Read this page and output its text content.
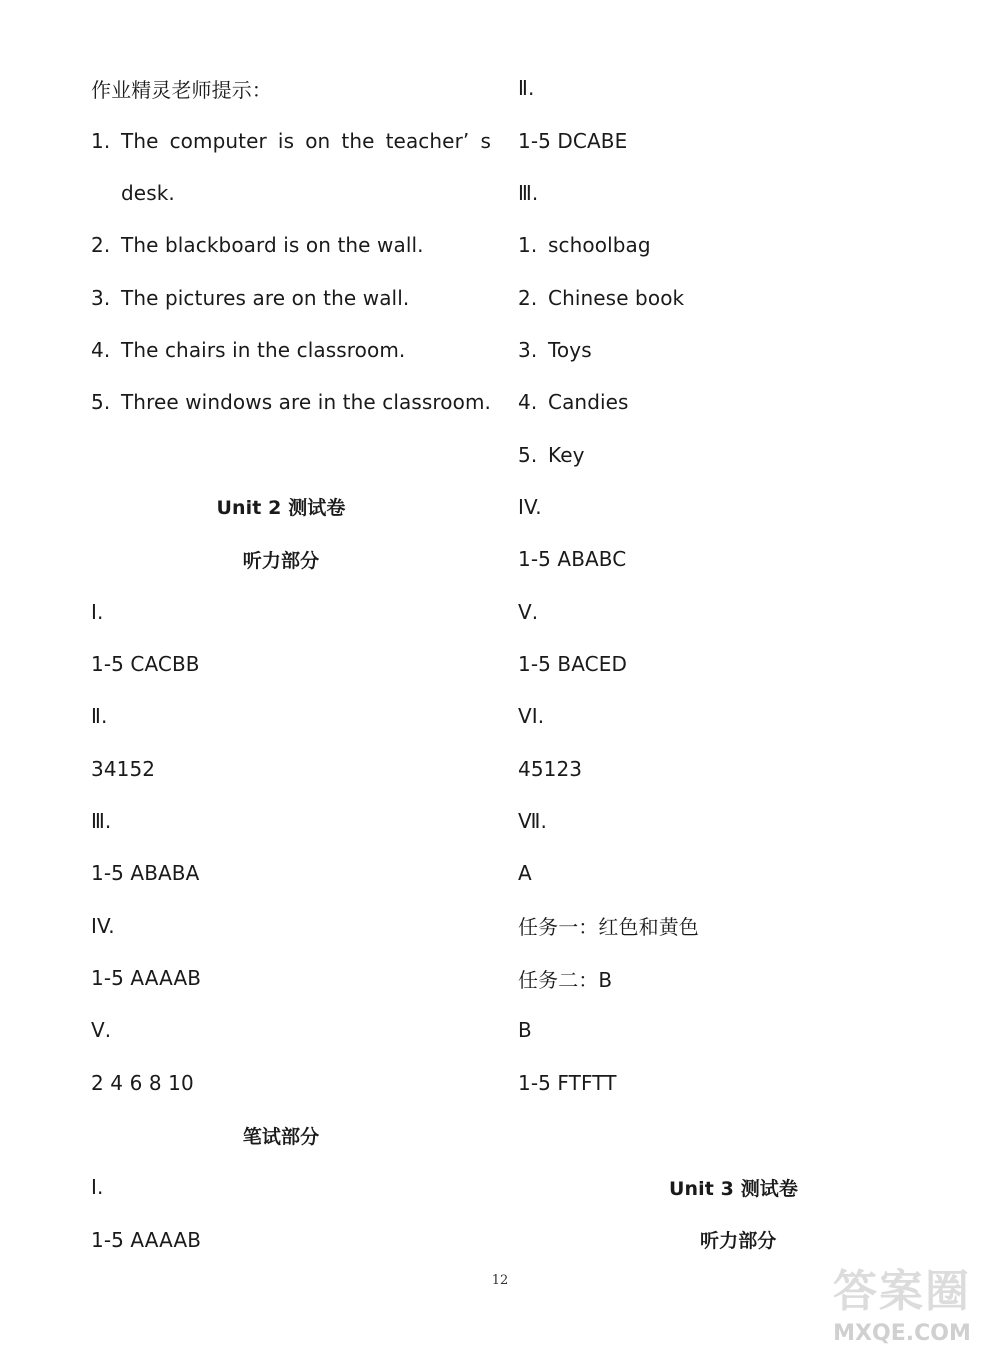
作业精灵老师提示：
1. The computer is on the teacher’ s
desk.
2. The blackboard is on the wall.
3. The pictures are on the wall.
4. The chairs in the classroom.
5. Three windows are in the classroom.
Unit 2 测试卷
听力部分
Ⅰ.
1-5 CACBB
Ⅱ.
34152
Ⅲ.
1-5 ABABA
IV.
1-5 AAAAB
Ⅴ.
2 4 6 8 10
笔试部分
Ⅰ.
1-5 AAAAB
Ⅱ.
1-5 DCABE
Ⅲ.
1. schoolbag
2. Chinese book
3. Toys
4. Candies
5. Key
IV.
1-5 ABABC
Ⅴ.
1-5 BACED
VI.
45123
Ⅶ.
A
任务一：红色和黄色
任务二：B
B
1-5 FTFTT
Unit 3 测试卷
听力部分
12	答案圈
MXQE.COM
